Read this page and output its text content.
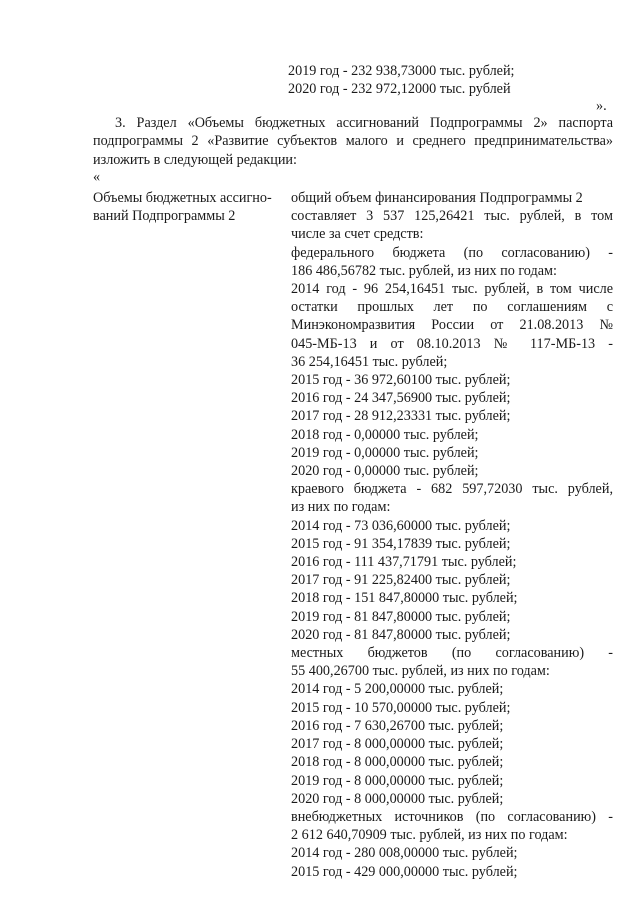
2019 год - 232 938,73000 тыс. рублей;
2020 год - 232 972,12000 тыс. рублей
».
3. Раздел «Объемы бюджетных ассигнований Подпрограммы 2» паспорта
подпрограммы 2 «Развитие субъектов малого и среднего предпринимательства»
изложить в следующей редакции:
«
Объемы бюджетных ассигно-
ваний Подпрограммы 2
общий объем финансирования Подпрограммы 2
составляет 3 537 125,26421 тыс. рублей, в том
числе за счет средств:
федерального бюджета (по согласованию) -
186 486,56782 тыс. рублей, из них по годам:
2014 год - 96 254,16451 тыс. рублей, в том числе
остатки прошлых лет по соглашениям с
Минэкономразвития России от 21.08.2013 №
045-МБ-13 и от 08.10.2013 № 117-МБ-13 -
36 254,16451 тыс. рублей;
2015 год - 36 972,60100 тыс. рублей;
2016 год - 24 347,56900 тыс. рублей;
2017 год - 28 912,23331 тыс. рублей;
2018 год - 0,00000 тыс. рублей;
2019 год - 0,00000 тыс. рублей;
2020 год - 0,00000 тыс. рублей;
краевого бюджета - 682 597,72030 тыс. рублей,
из них по годам:
2014 год - 73 036,60000 тыс. рублей;
2015 год - 91 354,17839 тыс. рублей;
2016 год - 111 437,71791 тыс. рублей;
2017 год - 91 225,82400 тыс. рублей;
2018 год - 151 847,80000 тыс. рублей;
2019 год - 81 847,80000 тыс. рублей;
2020 год - 81 847,80000 тыс. рублей;
местных бюджетов (по согласованию) -
55 400,26700 тыс. рублей, из них по годам:
2014 год - 5 200,00000 тыс. рублей;
2015 год - 10 570,00000 тыс. рублей;
2016 год - 7 630,26700 тыс. рублей;
2017 год - 8 000,00000 тыс. рублей;
2018 год - 8 000,00000 тыс. рублей;
2019 год - 8 000,00000 тыс. рублей;
2020 год - 8 000,00000 тыс. рублей;
внебюджетных источников (по согласованию) -
2 612 640,70909 тыс. рублей, из них по годам:
2014 год - 280 008,00000 тыс. рублей;
2015 год - 429 000,00000 тыс. рублей;
